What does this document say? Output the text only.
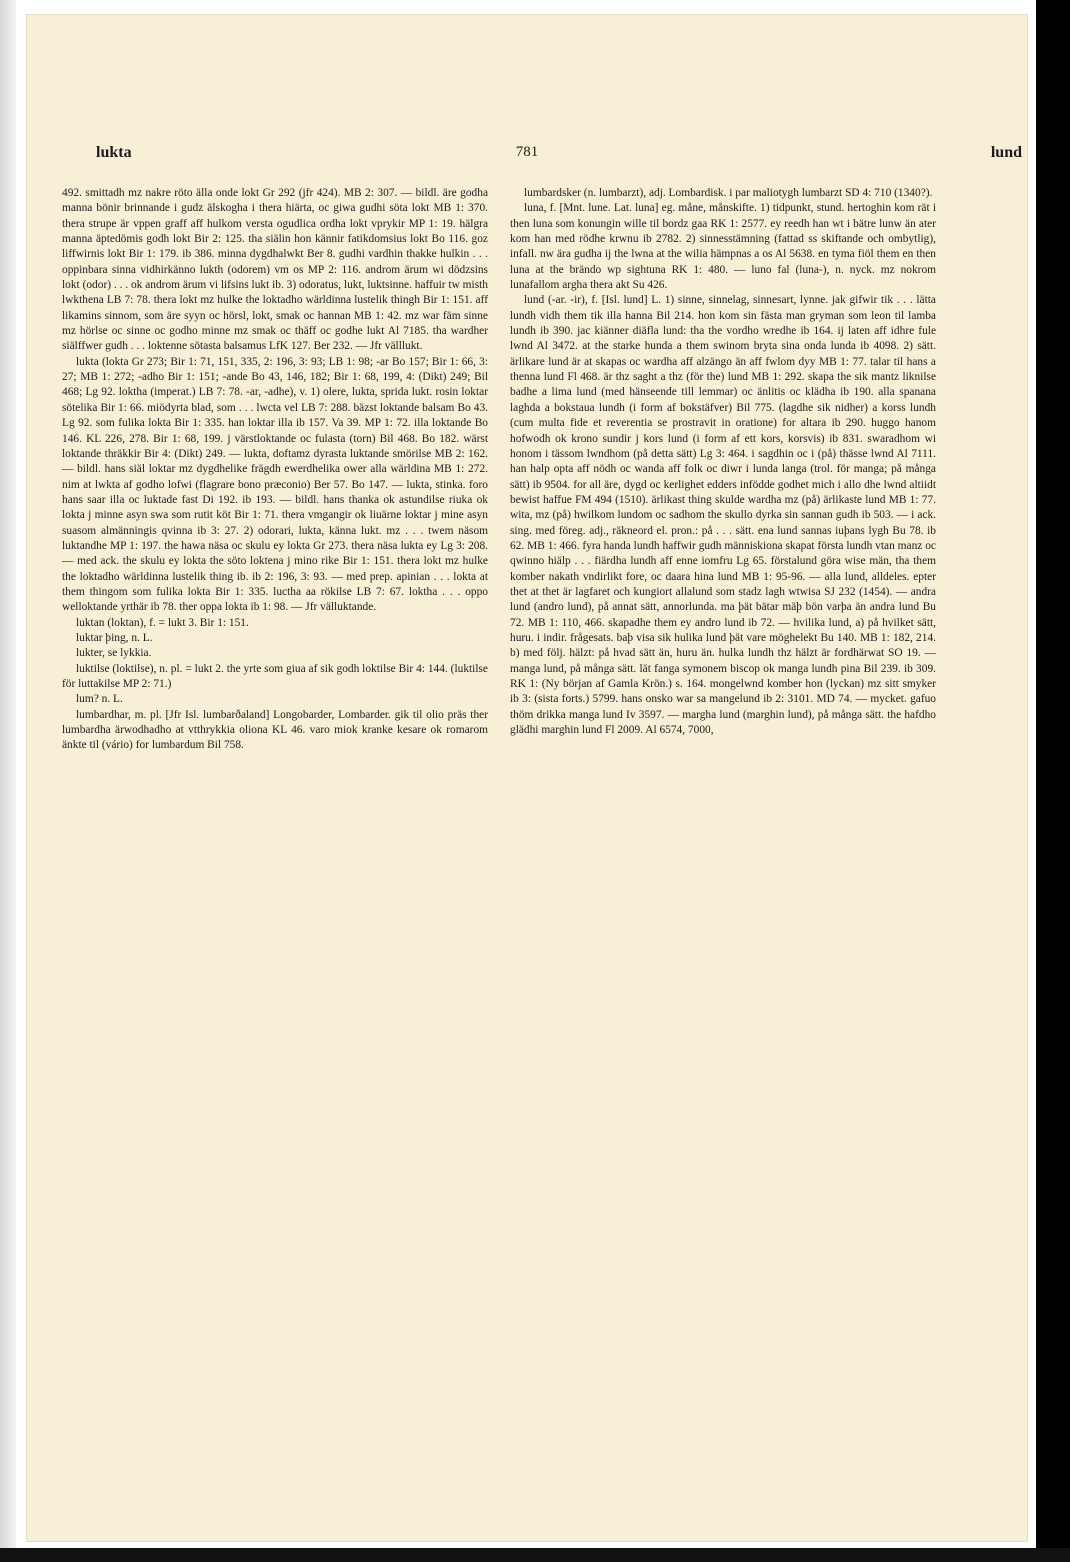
lukta	781	lund

492. smittadh mz nakre röto älla onde lokt Gr 292 (jfr 424). MB 2: 307. — bildl. äre godha manna bönir brinnande i gudz älskogha i thera hiärta, oc giwa gudhi söta lokt MB 1: 370. thera strupe är vppen graff aff hulkom versta ogudlica ordha lokt vprykir MP 1: 19. hälgra manna äptedömis godh lokt Bir 2: 125. tha siälin hon kännir fatikdomsius lokt Bo 116. goz liffwirnis lokt Bir 1: 179. ib 386. minna dygdhalwkt Ber 8. gudhi vardhin thakke hulkin . . . oppinbara sinna vidhirkänno lukth (odorem) vm os MP 2: 116. androm ärum wi dödzsins lokt (odor) . . . ok androm ärum vi lifsins lukt ib. 3) odoratus, lukt, luktsinne. haffuir tw misth lwkthena LB 7: 78. thera lokt mz hulke the loktadho wärldinna lustelik thingh Bir 1: 151. aff likamins sinnom, som äre syyn oc hörsl, lokt, smak oc hannan MB 1: 42. mz war fäm sinne mz hörlse oc sinne oc godho minne mz smak oc thäff oc godhe lukt Al 7185. tha wardher siälffwer gudh . . . loktenne sötasta balsamus LfK 127. Ber 232. — Jfr välllukt.

lukta (lokta Gr 273; Bir 1: 71, 151, 335, 2: 196, 3: 93; LB 1: 98; -ar Bo 157; Bir 1: 66, 3: 27; MB 1: 272; -adho Bir 1: 151; -ande Bo 43, 146, 182; Bir 1: 68, 199, 4: (Dikt) 249; Bil 468; Lg 92. loktha (imperat.) LB 7: 78. -ar, -adhe), v. 1) olere, lukta, sprida lukt. rosin loktar sötelika Bir 1: 66. miödyrta blad, som . . . lwcta vel LB 7: 288. bäzst loktande balsam Bo 43. Lg 92. som fulika lokta Bir 1: 335. han loktar illa ib 157. Va 39. MP 1: 72. illa loktande Bo 146. KL 226, 278. Bir 1: 68, 199. j värstloktande oc fulasta (torn) Bil 468. Bo 182. wärst loktande thräkkir Bir 4: (Dikt) 249. — lukta, doftamz dyrasta luktande smörilse MB 2: 162. — bildl. hans siäl loktar mz dygdhelike frägdh ewerdhelika ower alla wärldina MB 1: 272. nim at lwkta af godho lofwi (flagrare bono præconio) Ber 57. Bo 147. — lukta, stinka. foro hans saar illa oc luktade fast Di 192. ib 193. — bildl. hans thanka ok astundilse riuka ok lokta j minne asyn swa som rutit köt Bir 1: 71. thera vmgangir ok liuärne loktar j mine asyn suasom almänningis qvinna ib 3: 27. 2) odorari, lukta, känna lukt. mz . . . twem näsom luktandhe MP 1: 197. the hawa näsa oc skulu ey lokta Gr 273. thera näsa lukta ey Lg 3: 208. — med ack. the skulu ey lokta the söto loktena j mino rike Bir 1: 151. thera lokt mz hulke the loktadho wärldinna lustelik thing ib. ib 2: 196, 3: 93. — med prep. apinian . . . lokta at them thingom som fulika lokta Bir 1: 335. luctha aa rökilse LB 7: 67. loktha . . . oppo welloktande yrthär ib 78. ther oppa lokta ib 1: 98. — Jfr välluktande.

luktan (loktan), f. = lukt 3. Bir 1: 151.

luktar þing, n. L.

lukter, se lykkia.

luktilse (loktilse), n. pl. = lukt 2. the yrte som giua af sik godh loktilse Bir 4: 144. (luktilse för luttakilse MP 2: 71.)

lum? n. L.

lumbardhar, m. pl. [Jfr Isl. lumbarðaland] Longobarder, Lombarder. gik til olio präs ther lumbardha ärwodhadho at vtthrykkia oliona KL 46. varo miok kranke kesare ok romarom änkte til (vário) for lumbardum Bil 758.

lumbardsker (n. lumbarzt), adj. Lombardisk. i par maliotygh lumbarzt SD 4: 710 (1340?).

luna, f. [Mnt. lune. Lat. luna] eg. måne, månskifte. 1) tidpunkt, stund. hertoghin kom rät i then luna som konungin wille til bordz gaa RK 1: 2577. ey reedh han wt i bätre lunw än ater kom han med rödhe krwnu ib 2782. 2) sinnesstämning (fattad ss skiftande och ombytlig), infall. nw ära gudha ij the lwna at the wilia hämpnas a os Al 5638. en tyma fiöl them en then luna at the brändo wp sightuna RK 1: 480. — luno fal (luna-), n. nyck. mz nokrom lunafallom argha thera akt Su 426.

lund (-ar. -ir), f. [Isl. lund] L. 1) sinne, sinnelag, sinnesart, lynne. jak gifwir tik . . . lätta lundh vidh them tik illa hanna Bil 214. hon kom sin fästa man gryman som leon til lamba lundh ib 390. jac kiänner diäfla lund: tha the vordho wredhe ib 164. ij laten aff idhre fule lwnd Al 3472. at the starke hunda a them swinom bryta sina onda lunda ib 4098. 2) sätt. ärlikare lund är at skapas oc wardha aff alzängo än aff fwlom dyy MB 1: 77. talar til hans a thenna lund Fl 468. är thz saght a thz (för the) lund MB 1: 292. skapa the sik mantz liknilse badhe a lima lund (med hänseende till lemmar) oc änlitis oc klädha ib 190. alla spanana laghda a bokstaua lundh (i form af bokstäfver) Bil 775. (lagdhe sik nidher) a korss lundh (cum multa fide et reverentia se prostravit in oratione) for altara ib 290. huggo hanom hofwodh ok krono sundir j kors lund (i form af ett kors, korsvis) ib 831. swaradhom wi honom i tässom lwndhom (på detta sätt) Lg 3: 464. i sagdhin oc i (på) thässe lwnd Al 7111. han halp opta aff nödh oc wanda aff folk oc diwr i lunda langa (trol. för manga; på många sätt) ib 9504. for all äre, dygd oc kerlighet edders infödde godhet mich i allo dhe lwnd altiidt bewist haffue FM 494 (1510). ärlikast thing skulde wardha mz (på) ärlikaste lund MB 1: 77. wita, mz (på) hwilkom lundom oc sadhom the skullo dyrka sin sannan gudh ib 503. — i ack. sing. med föreg. adj., räkneord el. pron.: på . . . sätt. ena lund sannas iuþans lygh Bu 78. ib 62. MB 1: 466. fyra handa lundh haffwir gudh människiona skapat första lundh vtan manz oc qwinno hiälp . . . fiärdha lundh aff enne iomfru Lg 65. förstalund göra wise män, tha them komber nakath vndirlikt fore, oc daara hina lund MB 1: 95-96. — alla lund, alldeles. epter thet at thet är lagfaret och kungiort allalund som stadz lagh wtwisa SJ 232 (1454). — andra lund (andro lund), på annat sätt, annorlunda. ma þät bätar mäþ bön varþa än andra lund Bu 72. MB 1: 110, 466. skapadhe them ey andro lund ib 72. — hvilika lund, a) på hvilket sätt, huru. i indir. frågesats. baþ visa sik hulika lund þät vare möghelekt Bu 140. MB 1: 182, 214. b) med följ. hälzt: på hvad sätt än, huru än. hulka lundh thz hälzt är fordhärwat SO 19. — manga lund, på många sätt. lät fanga symonem biscop ok manga lundh pina Bil 239. ib 309. RK 1: (Ny början af Gamla Krön.) s. 164. mongelwnd komber hon (lyckan) mz sitt smyker ib 3: (sista forts.) 5799. hans onsko war sa mangelund ib 2: 3101. MD 74. — mycket. gafuo thöm drikka manga lund Iv 3597. — margha lund (marghin lund), på många sätt. the hafdho glädhi marghin lund Fl 2009. Al 6574, 7000,
